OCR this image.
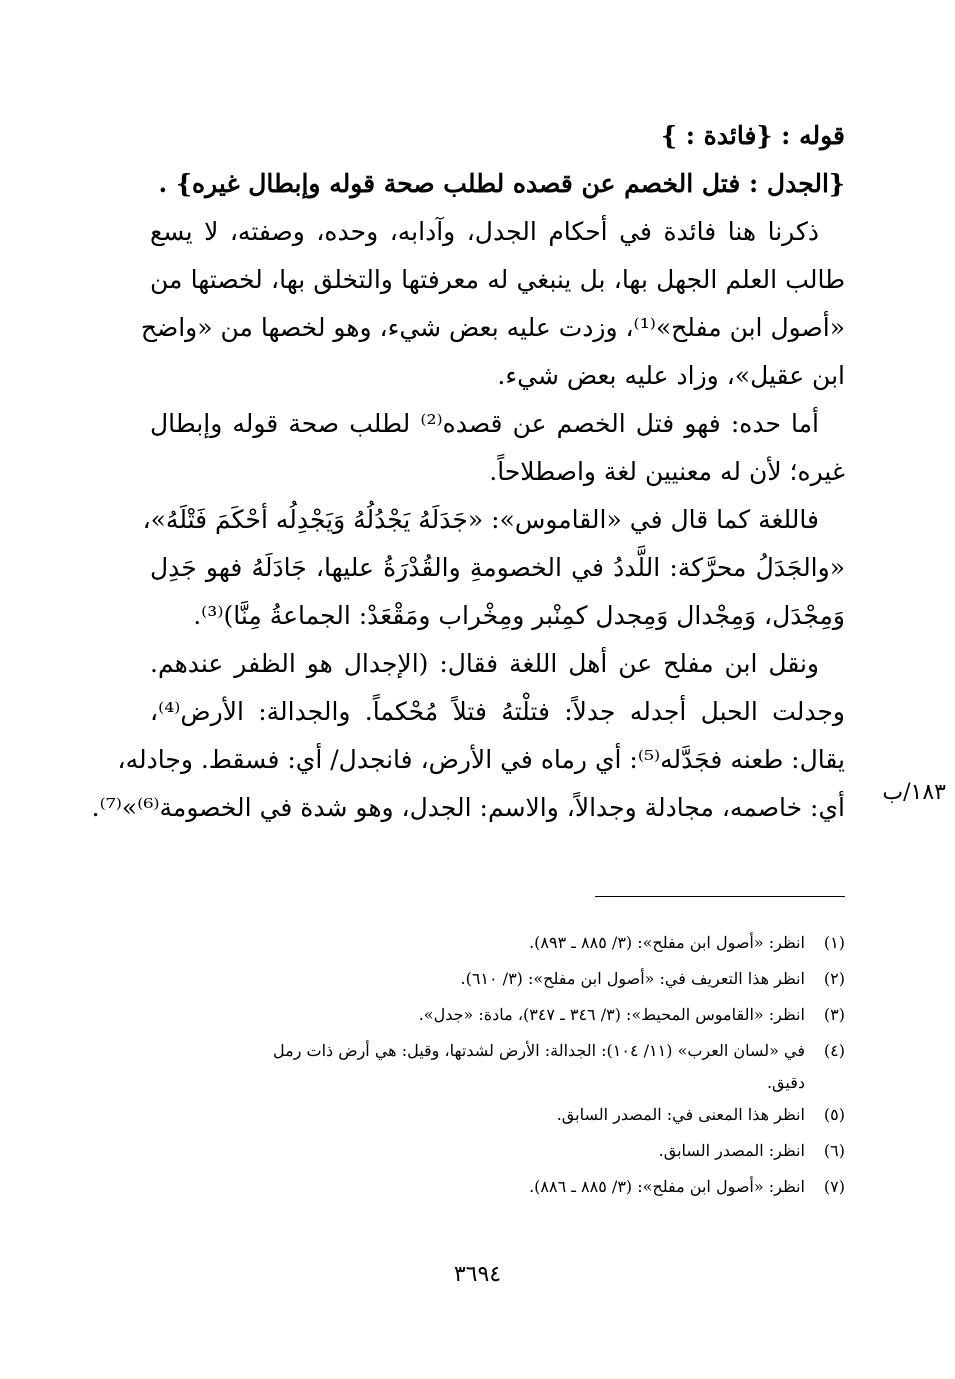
قوله : {فائدة : }
{الجدل : فتل الخصم عن قصده لطلب صحة قوله وإبطال غيره} .
ذكرنا هنا فائدة في أحكام الجدل، وآدابه، وحده، وصفته، لا يسع
طالب العلم الجهل بها، بل ينبغي له معرفتها والتخلق بها، لخصتها من
«أصول ابن مفلح»⁽¹⁾، وزدت عليه بعض شيء، وهو لخصها من «واضح
ابن عقيل»، وزاد عليه بعض شيء.
أما حده: فهو فتل الخصم عن قصده⁽²⁾ لطلب صحة قوله وإبطال
غيره؛ لأن له معنيين لغة واصطلاحاً.
فاللغة كما قال في «القاموس»: «جَدَلَهُ يَجْدُلُهُ وَيَجْدِلُه أحْكَمَ فَتْلَهُ»،
«والجَدَلُ محرَّكة: اللَّددُ في الخصومةِ والقُدْرَةُ عليها، جَادَلَهُ فهو جَدِل
وَمِجْدَل، وَمِجْدال وَمِجدل كمِنْبر ومِخْراب ومَقْعَدْ: الجماعةُ مِنَّا)⁽³⁾.
ونقل ابن مفلح عن أهل اللغة فقال: (الإجدال هو الظفر عندهم.
وجدلت الحبل أجدله جدلاً: فتلْتهُ فتلاً مُحْكماً. والجدالة: الأرض⁽⁴⁾،
يقال: طعنه فجَدَّله⁽⁵⁾: أي رماه في الأرض، فانجدل/ أي: فسقط. وجادله،
أي: خاصمه، مجادلة وجدالاً، والاسم: الجدل، وهو شدة في الخصومة⁽⁶⁾»⁽⁷⁾.
١٨٣/ب
(١)
انظر: «أصول ابن مفلح»: (٣/ ٨٨٥ ـ ٨٩٣).
(٢)
انظر هذا التعريف في: «أصول ابن مفلح»: (٣/ ٦١٠).
(٣)
انظر: «القاموس المحيط»: (٣/ ٣٤٦ ـ ٣٤٧)، مادة: «جدل».
(٤)
في «لسان العرب» (١١/ ١٠٤): الجدالة: الأرض لشدتها، وقيل: هي أرض ذات رمل
دقيق.
(٥)
انظر هذا المعنى في: المصدر السابق.
(٦)
انظر: المصدر السابق.
(٧)
انظر: «أصول ابن مفلح»: (٣/ ٨٨٥ ـ ٨٨٦).
٣٦٩٤
